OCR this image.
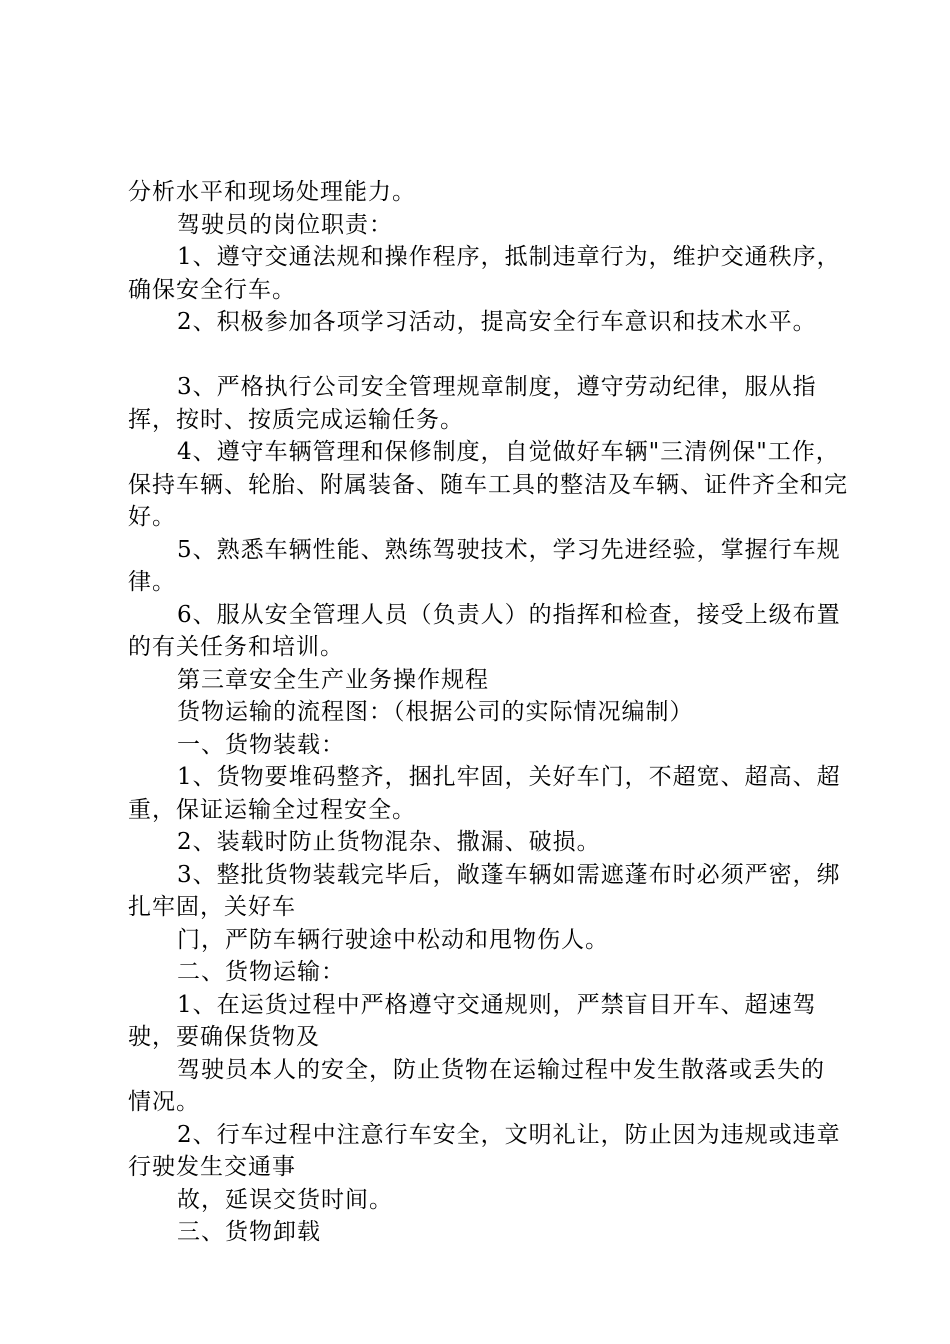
分析水平和现场处理能力。

驾驶员的岗位职责：

1、遵守交通法规和操作程序，抵制违章行为，维护交通秩序，确保安全行车。

2、积极参加各项学习活动，提高安全行车意识和技术水平。

3、严格执行公司安全管理规章制度，遵守劳动纪律，服从指挥，按时、按质完成运输任务。

4、遵守车辆管理和保修制度，自觉做好车辆"三清例保"工作，保持车辆、轮胎、附属装备、随车工具的整洁及车辆、证件齐全和完好。

5、熟悉车辆性能、熟练驾驶技术，学习先进经验，掌握行车规律。

6、服从安全管理人员（负责人）的指挥和检查，接受上级布置的有关任务和培训。

第三章安全生产业务操作规程

货物运输的流程图：（根据公司的实际情况编制）

一、货物装载：

1、货物要堆码整齐，捆扎牢固，关好车门，不超宽、超高、超重，保证运输全过程安全。

2、装载时防止货物混杂、撒漏、破损。

3、整批货物装载完毕后，敞蓬车辆如需遮蓬布时必须严密，绑扎牢固，关好车

门，严防车辆行驶途中松动和甩物伤人。

二、货物运输：

1、在运货过程中严格遵守交通规则，严禁盲目开车、超速驾驶，要确保货物及

驾驶员本人的安全，防止货物在运输过程中发生散落或丢失的情况。

2、行车过程中注意行车安全，文明礼让，防止因为违规或违章行驶发生交通事

故，延误交货时间。

三、货物卸载
